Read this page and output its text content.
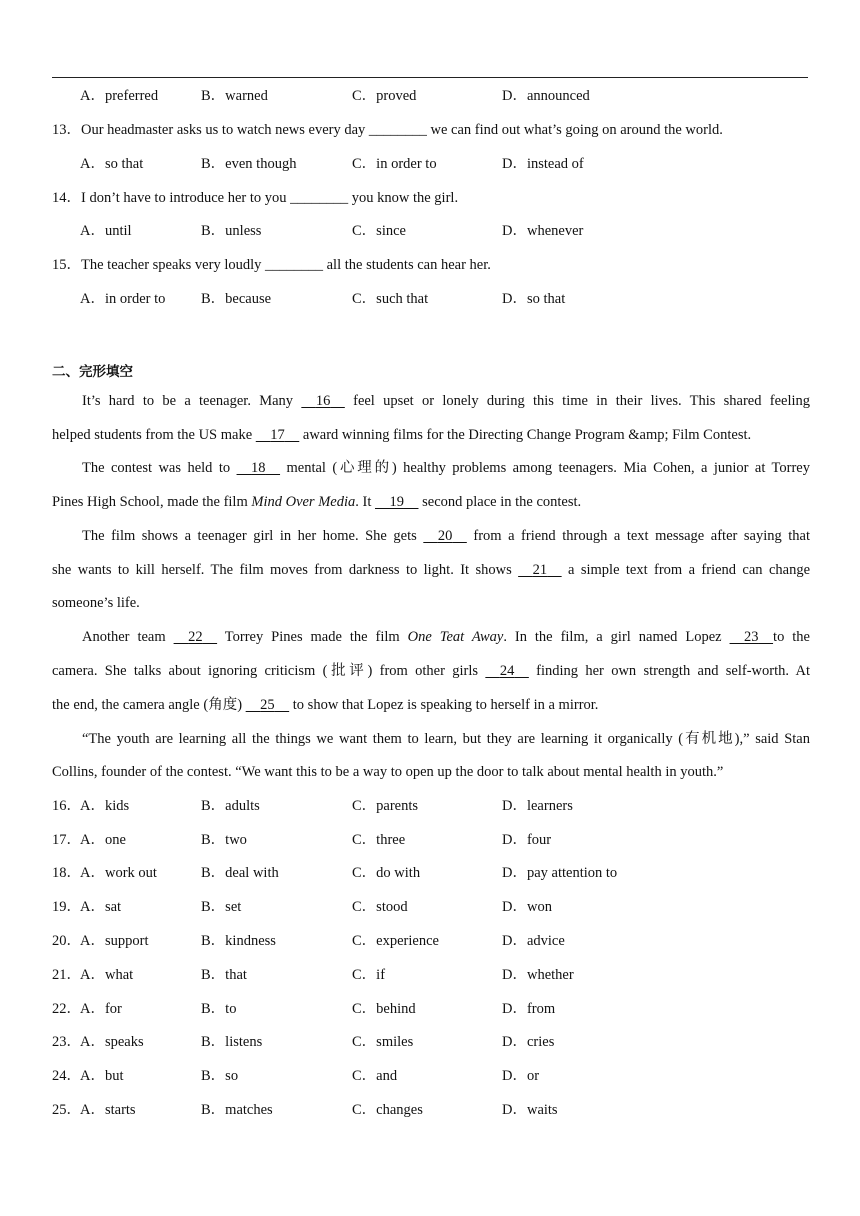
A．preferred	B．warned	C．proved	D．announced
13．Our headmaster asks us to watch news every day ________ we can find out what’s going on around the world.
A．so that	B．even though	C．in order to	D．instead of
14．I don’t have to introduce her to you ________ you know the girl.
A．until	B．unless	C．since	D．whenever
15．The teacher speaks very loudly ________ all the students can hear her.
A．in order to B．because	C．such that	D．so that
二、完形填空
It’s hard to be a teenager. Many 16 feel upset or lonely during this time in their lives. This shared feeling
helped students from the US make 17 award winning films for the Directing Change Program &amp; Film Contest.
The contest was held to 18 mental (心理的) healthy problems among teenagers. Mia Cohen, a junior at Torrey
Pines High School, made the film Mind Over Media. It 19 second place in the contest.
The film shows a teenager girl in her home. She gets 20 from a friend through a text message after saying that
she wants to kill herself. The film moves from darkness to light. It shows 21 a simple text from a friend can change
someone’s life.
Another team 22 Torrey Pines made the film One Teat Away. In the film, a girl named Lopez 23 to the
camera. She talks about ignoring criticism (批评) from other girls 24 finding her own strength and self-worth. At
the end, the camera angle (角度) 25 to show that Lopez is speaking to herself in a mirror.
“The youth are learning all the things we want them to learn, but they are learning it organically (有机地),” said Stan
Collins, founder of the contest. “We want this to be a way to open up the door to talk about mental health in youth.”
16． A．kids	B．adults	C．parents	D．learners
17． A．one	B．two	C．three	D．four
18． A．work out	B．deal with	C．do with	D．pay attention to
19． A．sat	B．set	C．stood	D．won
20． A．support	B．kindness	C．experience	D．advice
21． A．what	B．that	C．if	D．whether
22． A．for	B．to	C．behind	D．from
23． A．speaks	B．listens	C．smiles	D．cries
24． A．but	B．so	C．and	D．or
25． A．starts	B．matches	C．changes	D．waits
